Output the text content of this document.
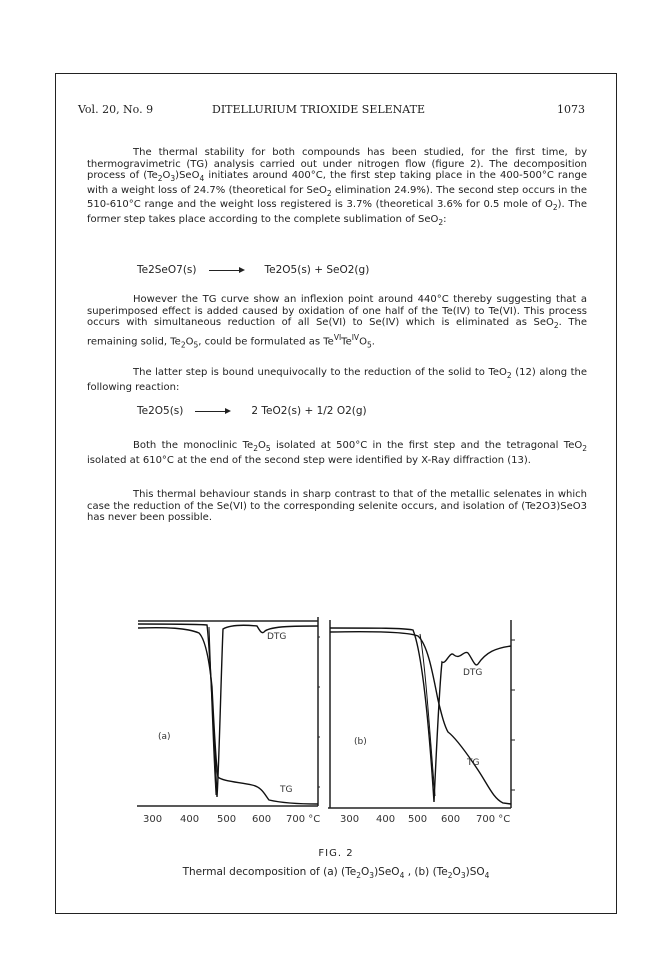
Vol. 20, No. 9	DITELLURIUM TRIOXIDE SELENATE	1073

The thermal stability for both compounds has been studied, for the first time, by thermogravimetric (TG) analysis carried out under nitrogen flow (figure 2). The decomposition process of $(Te_2O_3)SeO_4$ initiates around 400°C, the first step taking place in the 400-500°C range with a weight loss of 24.7% (theoretical for SeO$_2$ elimination 24.9%). The second step occurs in the 510-610°C range and the weight loss registered is 3.7% (theoretical 3.6% for 0.5 mole of $O_2$). The former step takes place according to the complete sublimation of SeO$_2$:

Te2SeO7(s)	Te2O5(s) + SeO2(g)

However the TG curve show an inflexion point around 440°C thereby suggesting that a superimposed effect is added caused by oxidation of one half of the Te(IV) to Te(VI). This process occurs with simultaneous reduction of all Se(VI) to Se(IV) which is eliminated as SeO$_2$. The remaining solid, $Te_2O_5$, could be formulated as $Te^{VI}Te^{IV}O_5$.

The latter step is bound unequivocally to the reduction of the solid to TeO$_2$ (12) along the following reaction:

Te2O5(s)	2 TeO2(s) + 1/2 O2(g)

Both the monoclinic $Te_2O_5$ isolated at 500°C in the first step and the tetragonal TeO$_2$ isolated at 610°C at the end of the second step were identified by X-Ray diffraction (13).

This thermal behaviour stands in sharp contrast to that of the metallic selenates in which case the reduction of the Se(VI) to the corresponding selenite occurs, and isolation of (Te2O3)SeO3 has never been possible.

DTG
(a)
TG
300 400 500 600 700 °C
DTG
(b)
TG
300 400 500 600 700 °C
FIG. 2
Thermal decomposition of (a) $(Te_2O_3)SeO_4$ , (b) $(Te_2O_3)SO_4$
